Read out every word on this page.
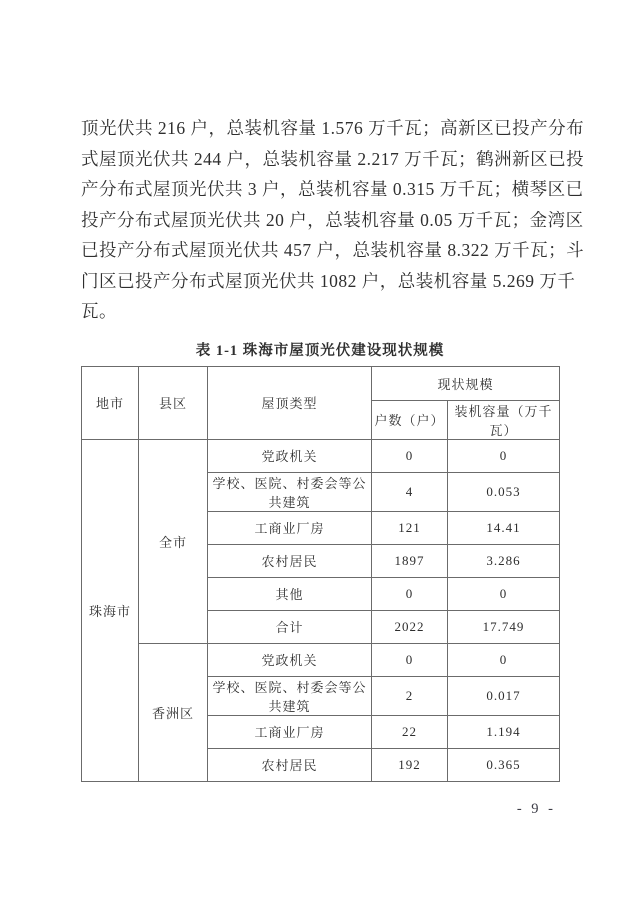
顶光伏共 216 户，总装机容量 1.576 万千瓦；高新区已投产分布
式屋顶光伏共 244 户，总装机容量 2.217 万千瓦；鹤洲新区已投
产分布式屋顶光伏共 3 户，总装机容量 0.315 万千瓦；横琴区已
投产分布式屋顶光伏共 20 户，总装机容量 0.05 万千瓦；金湾区
已投产分布式屋顶光伏共 457 户，总装机容量 8.322 万千瓦；斗
门区已投产分布式屋顶光伏共 1082 户，总装机容量 5.269 万千
瓦。
表 1-1 珠海市屋顶光伏建设现状规模
地市	县区	屋顶类型	现状规模	
			户数（户）	装机容量（万千瓦）
珠海市	全市	党政机关	0	0
		学校、医院、村委会等公共建筑	4	0.053
		工商业厂房	121	14.41
		农村居民	1897	3.286
		其他	0	0
		合计	2022	17.749
	香洲区	党政机关	0	0
		学校、医院、村委会等公共建筑	2	0.017
		工商业厂房	22	1.194
		农村居民	192	0.365
- 9 -
